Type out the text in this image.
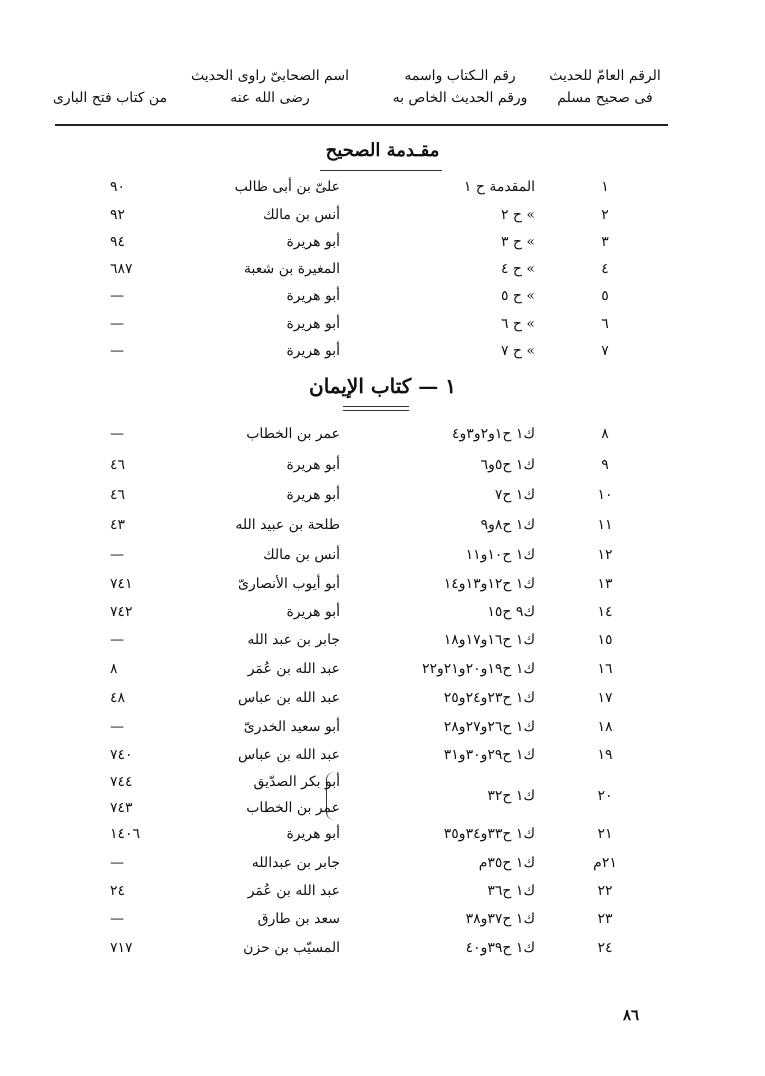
الرقم العامّ للحديث
فى صحيح مسلم
رقم الـكتاب واسمه
ورقم الحديث الخاص به
اسم الصحابىّ راوى الحديث
رضى الله عنه
من كتاب فتح البارى
مقـدمة الصحيح
١
المقدمة ح ١
علىّ بن أبى طالب
٩٠
٢
» ح ٢
أنس بن مالك
٩٢
٣
» ح ٣
أبو هريرة
٩٤
٤
» ح ٤
المغيرة بن شعبة
٦٨٧
٥
» ح ٥
أبو هريرة
—
٦
» ح ٦
أبو هريرة
—
٧
» ح ٧
أبو هريرة
—
١ — كتاب الإيمان
٨
ك١ ح١و٢و٣و٤
عمر بن الخطاب
—
٩
ك١ ح٥و٦
أبو هريرة
٤٦
١٠
ك١ ح٧
أبو هريرة
٤٦
١١
ك١ ح٨و٩
طلحة بن عبيد الله
٤٣
١٢
ك١ ح١٠و١١
أنس بن مالك
—
١٣
ك١ ح١٢و١٣و١٤
أبو أيوب الأنصارىّ
٧٤١
١٤
ك٩ ح١٥
أبو هريرة
٧٤٢
١٥
ك١ ح١٦و١٧و١٨
جابر بن عبد الله
—
١٦
ك١ ح١٩و٢٠و٢١و٢٢
عبد الله بن عُمَر
٨
١٧
ك١ ح٢٣و٢٤و٢٥
عبد الله بن عباس
٤٨
١٨
ك١ ح٢٦و٢٧و٢٨
أبو سعيد الخدرىّ
—
١٩
ك١ ح٢٩و٣٠و٣١
عبد الله بن عباس
٧٤٠
٢٠
ك١ ح٣٢
أبو بكر الصدّيق
عمر بن الخطاب
٧٤٤
٧٤٣
٢١
ك١ ح٣٣و٣٤و٣٥
أبو هريرة
١٤٠٦
٢١م
ك١ ح٣٥م
جابر بن عبدالله
—
٢٢
ك١ ح٣٦
عبد الله بن عُمَر
٢٤
٢٣
ك١ ح٣٧و٣٨
سعد بن طارق
—
٢٤
ك١ ح٣٩و٤٠
المسيّب بن حزن
٧١٧
٨٦
